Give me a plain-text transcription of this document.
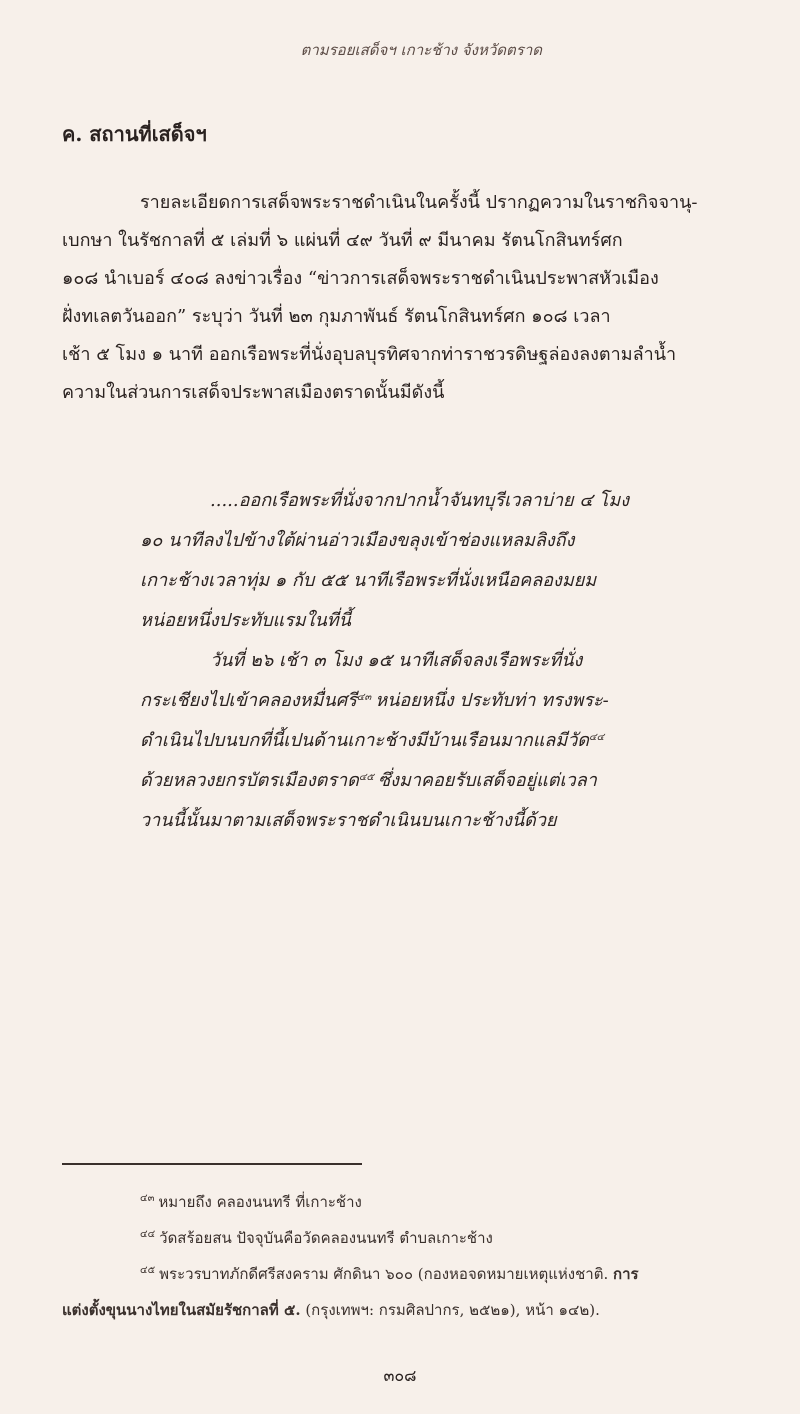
ตามรอยเสด็จฯ เกาะช้าง จังหวัดตราด
ค. สถานที่เสด็จฯ
รายละเอียดการเสด็จพระราชดำเนินในครั้งนี้ ปรากฏความในราชกิจจานุ-
เบกษา ในรัชกาลที่ ๕ เล่มที่ ๖ แผ่นที่ ๔๙ วันที่ ๙ มีนาคม รัตนโกสินทร์ศก
๑๐๘ นำเบอร์ ๔๐๘ ลงข่าวเรื่อง “ข่าวการเสด็จพระราชดำเนินประพาสหัวเมือง
ฝั่งทเลตวันออก” ระบุว่า วันที่ ๒๓ กุมภาพันธ์ รัตนโกสินทร์ศก ๑๐๘ เวลา
เช้า ๕ โมง ๑ นาที ออกเรือพระที่นั่งอุบลบุรทิศจากท่าราชวรดิษฐล่องลงตามลำน้ำ
ความในส่วนการเสด็จประพาสเมืองตราดนั้นมีดังนี้
.....ออกเรือพระที่นั่งจากปากน้ำจันทบุรีเวลาบ่าย ๔ โมง
๑๐ นาทีลงไปข้างใต้ผ่านอ่าวเมืองขลุงเข้าช่องแหลมลิงถึง
เกาะช้างเวลาทุ่ม ๑ กับ ๕๕ นาทีเรือพระที่นั่งเหนือคลองมยม
หน่อยหนึ่งประทับแรมในที่นี้
วันที่ ๒๖ เช้า ๓ โมง ๑๕ นาทีเสด็จลงเรือพระที่นั่ง
กระเชียงไปเข้าคลองหมื่นศรี$^{๔๓}$ หน่อยหนึ่ง ประทับท่า ทรงพระ-
ดำเนินไปบนบกที่นี้เปนด้านเกาะช้างมีบ้านเรือนมากแลมีวัด$^{๔๔}$
ด้วยหลวงยกรบัตรเมืองตราด$^{๔๕}$ ซึ่งมาคอยรับเสด็จอยู่แต่เวลา
วานนี้นั้นมาตามเสด็จพระราชดำเนินบนเกาะช้างนี้ด้วย
$^{๔๓}$ หมายถึง คลองนนทรี ที่เกาะช้าง
$^{๔๔}$ วัดสร้อยสน ปัจจุบันคือวัดคลองนนทรี ตำบลเกาะช้าง
$^{๔๕}$ พระวรบาทภักดีศรีสงคราม ศักดินา ๖๐๐ (กองหอจดหมายเหตุแห่งชาติ. การ
แต่งตั้งขุนนางไทยในสมัยรัชกาลที่ ๕. (กรุงเทพฯ: กรมศิลปากร, ๒๕๒๑), หน้า ๑๔๒).
๓๐๘
